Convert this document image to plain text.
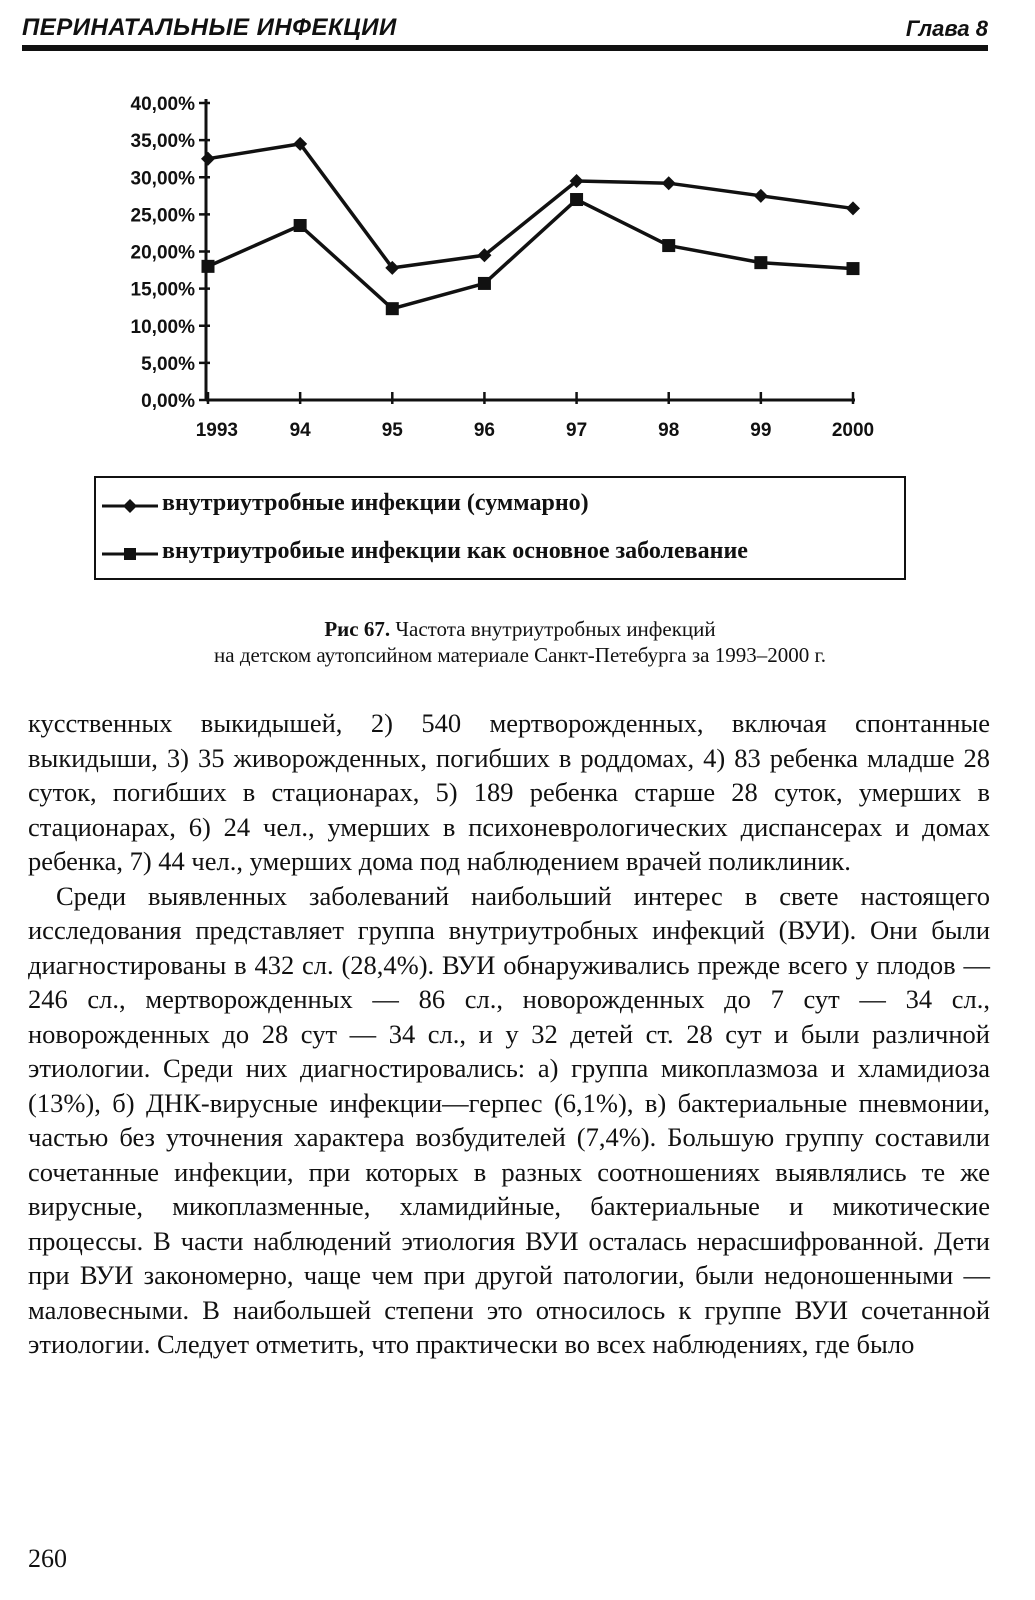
ПЕРИНАТАЛЬНЫЕ ИНФЕКЦИИ	Глава 8
0,00%
5,00%
10,00%
15,00%
20,00%
25,00%
30,00%
35,00%
40,00%
1993	94	95	96	97	98	99	2000
внутриутробные инфекции (суммарно)
внутриутробиые инфекции как основное заболевание
Рис 67. Частота внутриутробных инфекций
на детском аутопсийном материале Санкт-Петебурга за 1993–2000 г.

кусственных выкидышей, 2) 540 мертворожденных, включая спонтанные выкидыши, 3) 35 живорожденных, погибших в роддомах, 4) 83 ребенка младше 28 суток, погибших в стационарах, 5) 189 ребенка старше 28 суток, умерших в стационарах, 6) 24 чел., умерших в психоневрологических диспансерах и домах ребенка, 7) 44 чел., умерших дома под наблюдением врачей поликлиник.

Среди выявленных заболеваний наибольший интерес в свете настоящего исследования представляет группа внутриутробных инфекций (ВУИ). Они были диагностированы в 432 сл. (28,4%). ВУИ обнаруживались прежде всего у плодов — 246 сл., мертворожденных — 86 сл., новорожденных до 7 сут — 34 сл., новорожденных до 28 сут — 34 сл., и у 32 детей ст. 28 сут и были различной этиологии. Среди них диагностировались: а) группа микоплазмоза и хламидиоза (13%), б) ДНК-вирусные инфекции—герпес (6,1%), в) бактериальные пневмонии, частью без уточнения характера возбудителей (7,4%). Большую группу составили сочетанные инфекции, при которых в разных соотношениях выявлялись те же вирусные, микоплазменные, хламидийные, бактериальные и микотические процессы. В части наблюдений этиология ВУИ осталась нерасшифрованной. Дети при ВУИ закономерно, чаще чем при другой патологии, были недоношенными — маловесными. В наибольшей степени это относилось к группе ВУИ сочетанной этиологии. Следует отметить, что практически во всех наблюдениях, где было

260
